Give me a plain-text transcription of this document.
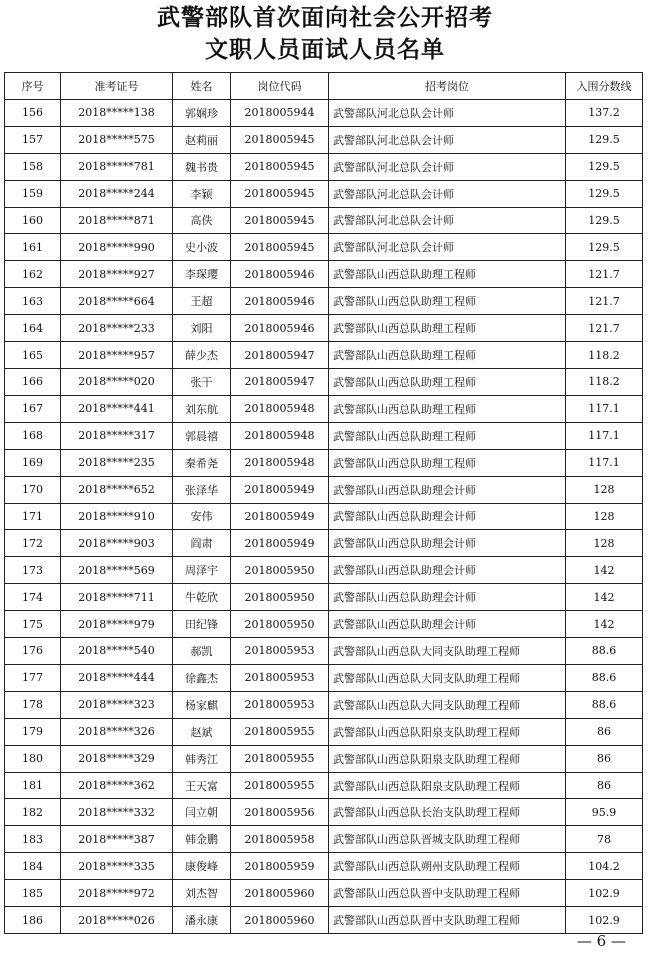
武警部队首次面向社会公开招考
文职人员面试人员名单
序号	准考证号	姓名	岗位代码	招考岗位	入围分数线
156	2018*****138	郭娴珍	2018005944	武警部队河北总队会计师	137.2
157	2018*****575	赵莉丽	2018005945	武警部队河北总队会计师	129.5
158	2018*****781	魏书贵	2018005945	武警部队河北总队会计师	129.5
159	2018*****244	李颖	2018005945	武警部队河北总队会计师	129.5
160	2018*****871	高佚	2018005945	武警部队河北总队会计师	129.5
161	2018*****990	史小波	2018005945	武警部队河北总队会计师	129.5
162	2018*****927	李琛璎	2018005946	武警部队山西总队助理工程师	121.7
163	2018*****664	王超	2018005946	武警部队山西总队助理工程师	121.7
164	2018*****233	刘阳	2018005946	武警部队山西总队助理工程师	121.7
165	2018*****957	薛少杰	2018005947	武警部队山西总队助理工程师	118.2
166	2018*****020	张干	2018005947	武警部队山西总队助理工程师	118.2
167	2018*****441	刘东航	2018005948	武警部队山西总队助理工程师	117.1
168	2018*****317	郭晨禧	2018005948	武警部队山西总队助理工程师	117.1
169	2018*****235	秦希尧	2018005948	武警部队山西总队助理工程师	117.1
170	2018*****652	张泽华	2018005949	武警部队山西总队助理会计师	128
171	2018*****910	安伟	2018005949	武警部队山西总队助理会计师	128
172	2018*****903	阎肃	2018005949	武警部队山西总队助理会计师	128
173	2018*****569	周泽宇	2018005950	武警部队山西总队助理会计师	142
174	2018*****711	牛乾欣	2018005950	武警部队山西总队助理会计师	142
175	2018*****979	田纪锋	2018005950	武警部队山西总队助理会计师	142
176	2018*****540	郝凯	2018005953	武警部队山西总队大同支队助理工程师	88.6
177	2018*****444	徐鑫杰	2018005953	武警部队山西总队大同支队助理工程师	88.6
178	2018*****323	杨家麒	2018005953	武警部队山西总队大同支队助理工程师	88.6
179	2018*****326	赵斌	2018005955	武警部队山西总队阳泉支队助理工程师	86
180	2018*****329	韩秀江	2018005955	武警部队山西总队阳泉支队助理工程师	86
181	2018*****362	王天富	2018005955	武警部队山西总队阳泉支队助理工程师	86
182	2018*****332	闫立朝	2018005956	武警部队山西总队长治支队助理工程师	95.9
183	2018*****387	韩金鹏	2018005958	武警部队山西总队晋城支队助理工程师	78
184	2018*****335	康俊峰	2018005959	武警部队山西总队朔州支队助理工程师	104.2
185	2018*****972	刘杰智	2018005960	武警部队山西总队晋中支队助理工程师	102.9
186	2018*****026	潘永康	2018005960	武警部队山西总队晋中支队助理工程师	102.9
— 6 —
